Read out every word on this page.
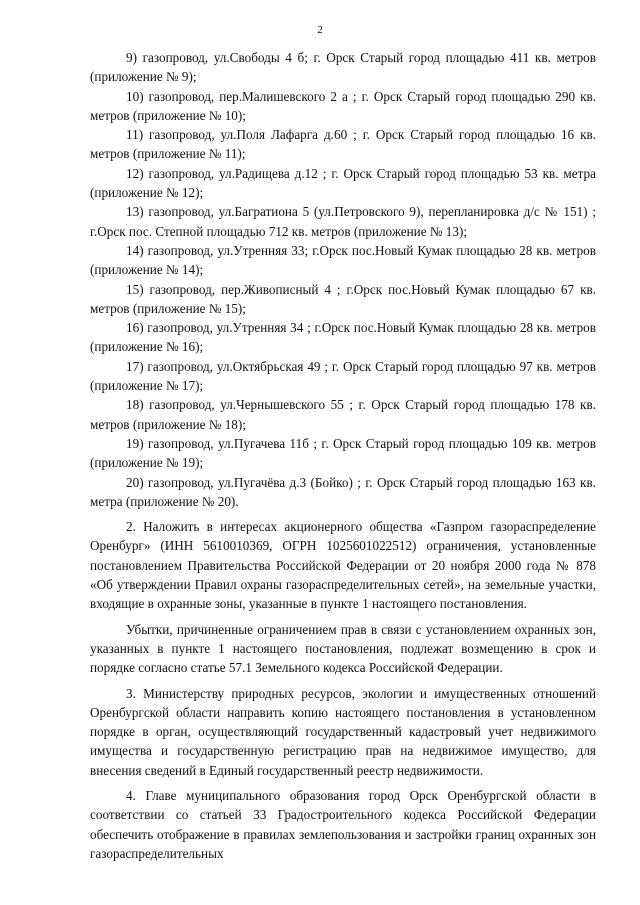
2

9) газопровод, ул.Свободы 4 б; г. Орск Старый город площадью 411 кв. метров (приложение № 9);

10) газопровод, пер.Малишевского 2 а ; г. Орск Старый город площадью 290 кв. метров (приложение № 10);

11) газопровод, ул.Поля Лафарга д.60 ; г. Орск Старый город площадью 16 кв. метров (приложение № 11);

12) газопровод, ул.Радищева д.12 ; г. Орск Старый город площадью 53 кв. метра (приложение № 12);

13) газопровод, ул.Багратиона 5 (ул.Петровского 9), перепланировка д/с № 151) ; г.Орск пос. Степной площадью 712 кв. метров (приложение № 13);

14) газопровод, ул.Утренняя 33; г.Орск пос.Новый Кумак площадью 28 кв. метров (приложение № 14);

15) газопровод, пер.Живописный 4 ; г.Орск пос.Новый Кумак площадью 67 кв. метров (приложение № 15);

16) газопровод, ул.Утренняя 34 ; г.Орск пос.Новый Кумак площадью 28 кв. метров (приложение № 16);

17) газопровод, ул.Октябрьская 49 ; г. Орск Старый город площадью 97 кв. метров (приложение № 17);

18) газопровод, ул.Чернышевского 55 ; г. Орск Старый город площадью 178 кв. метров (приложение № 18);

19) газопровод, ул.Пугачева 11б ; г. Орск Старый город площадью 109 кв. метров (приложение № 19);

20) газопровод, ул.Пугачёва д.3 (Бойко) ; г. Орск Старый город площадью 163 кв. метра (приложение № 20).

2. Наложить в интересах акционерного общества «Газпром газораспределение Оренбург» (ИНН 5610010369, ОГРН 1025601022512) ограничения, установленные постановлением Правительства Российской Федерации от 20 ноября 2000 года № 878 «Об утверждении Правил охраны газораспределительных сетей», на земельные участки, входящие в охранные зоны, указанные в пункте 1 настоящего постановления.

Убытки, причиненные ограничением прав в связи с установлением охранных зон, указанных в пункте 1 настоящего постановления, подлежат возмещению в срок и порядке согласно статье 57.1 Земельного кодекса Российской Федерации.

3. Министерству природных ресурсов, экологии и имущественных отношений Оренбургской области направить копию настоящего постановления в установленном порядке в орган, осуществляющий государственный кадастровый учет недвижимого имущества и государственную регистрацию прав на недвижимое имущество, для внесения сведений в Единый государственный реестр недвижимости.

4. Главе муниципального образования город Орск Оренбургской области в соответствии со статьей 33 Градостроительного кодекса Российской Федерации обеспечить отображение в правилах землепользования и застройки границ охранных зон газораспределительных
